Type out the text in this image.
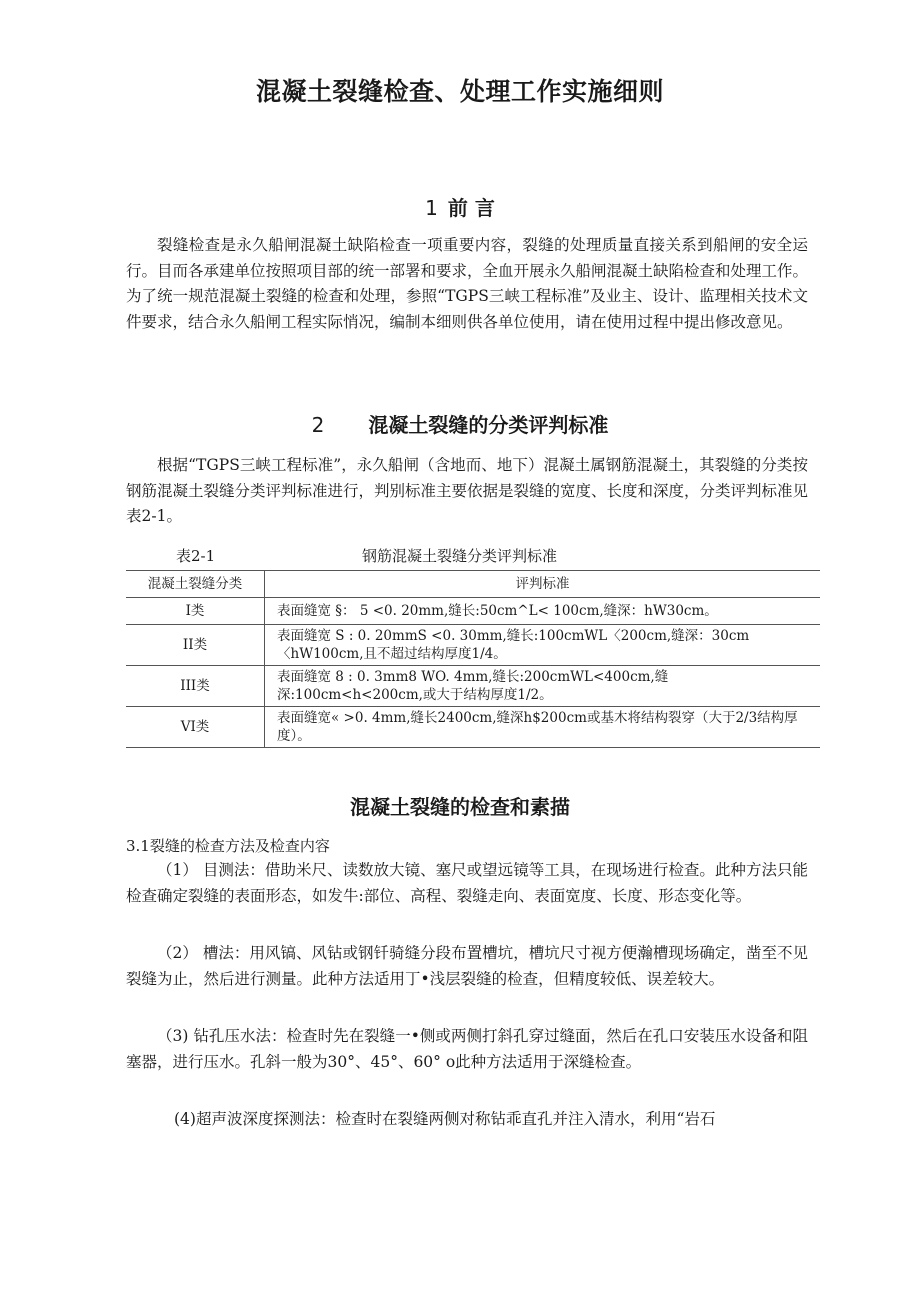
混凝土裂缝检查、处理工作实施细则
1 前 言

裂缝检查是永久船闸混凝土缺陷检查一项重要内容，裂缝的处理质量直接关系到船闸的安全运行。目而各承建单位按照项目部的统一部署和要求，全血开展永久船闸混凝土缺陷检查和处理工作。为了统一规范混凝土裂缝的检查和处理，参照“TGPS三峡工程标准”及业主、设计、监理相关技术文件要求，结合永久船闸工程实际悄况，编制本细则供各单位使用，请在使用过程中提出修改意见。

2 混凝土裂缝的分类评判标准

根据“TGPS三峡工程标准”，永久船闸（含地而、地下）混凝土属钢筋混凝土，其裂缝的分类按钢筋混凝土裂缝分类评判标准进行，判别标准主要依据是裂缝的宽度、长度和深度，分类评判标准见表2-1。

表2-1	钢筋混凝土裂缝分类评判标准

混凝土裂缝分类	评判标准
I类	表面缝宽 §： 5 <0. 20mm,缝长:50cm^L< 100cm,缝深：hW30cm。
II类	表面缝宽 S : 0. 20mmS <0. 30mm,缝长:100cmWL〈200cm,缝深：30cm〈hW100cm,且不超过结构厚度1/4。
III类	表面缝宽 8 : 0. 3mm8 WO. 4mm,缝长:200cmWL<400cm,缝深:100cm<h<200cm,或大于结构厚度1/2。
VI类	表面缝宽« >0. 4mm,缝长2400cm,缝深h$200cm或基木将结构裂穿（大于2/3结构厚度）。
混凝土裂缝的检查和素描

3.1裂缝的检查方法及检查内容

（1） 目测法：借助米尺、读数放大镜、塞尺或望远镜等工具，在现场进行检查。此种方法只能检查确定裂缝的表面形态，如发牛:部位、高程、裂缝走向、表面宽度、长度、形态变化等。

（2） 槽法：用风镐、风钻或钢钎骑缝分段布置槽坑，槽坑尺寸视方便瀚槽现场确定，凿至不见裂缝为止，然后进行测量。此种方法适用丁•浅层裂缝的检查，但精度较低、误差较大。

（3) 钻孔压水法：检查时先在裂缝一•侧或两侧打斜孔穿过缝面，然后在孔口安装压水设备和阻塞器，进行压水。孔斜一般为30°、45°、60° o此种方法适用于深缝检查。

(4)超声波深度探测法：检查时在裂缝两侧对称钻乖直孔并注入清水，利用“岩石
